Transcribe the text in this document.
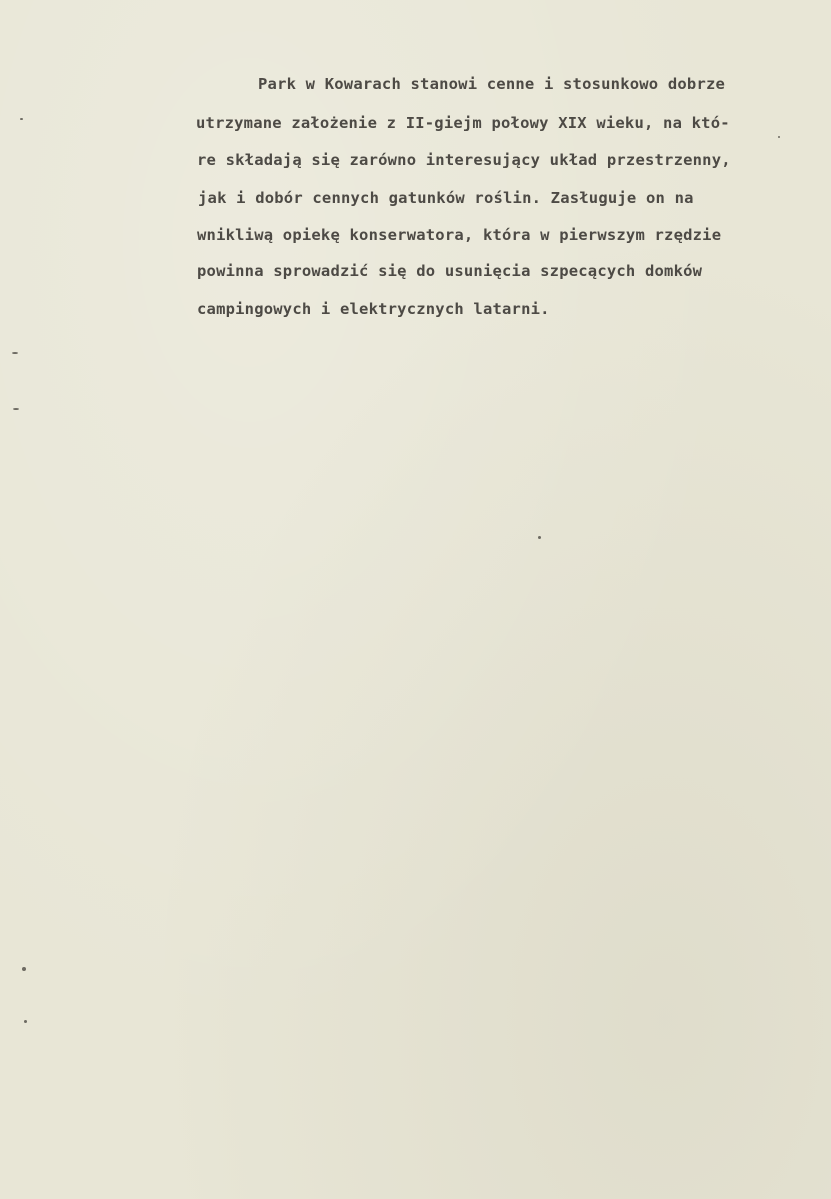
Park w Kowarach stanowi cenne i stosunkowo dobrze
utrzymane założenie z II-giejm połowy XIX wieku, na któ-
re składają się zarówno interesujący układ przestrzenny,
jak i dobór cennych gatunków roślin. Zasługuje on na
wnikliwą opiekę konserwatora, która w pierwszym rzędzie
powinna sprowadzić się do usunięcia szpecących domków
campingowych i elektrycznych latarni.
